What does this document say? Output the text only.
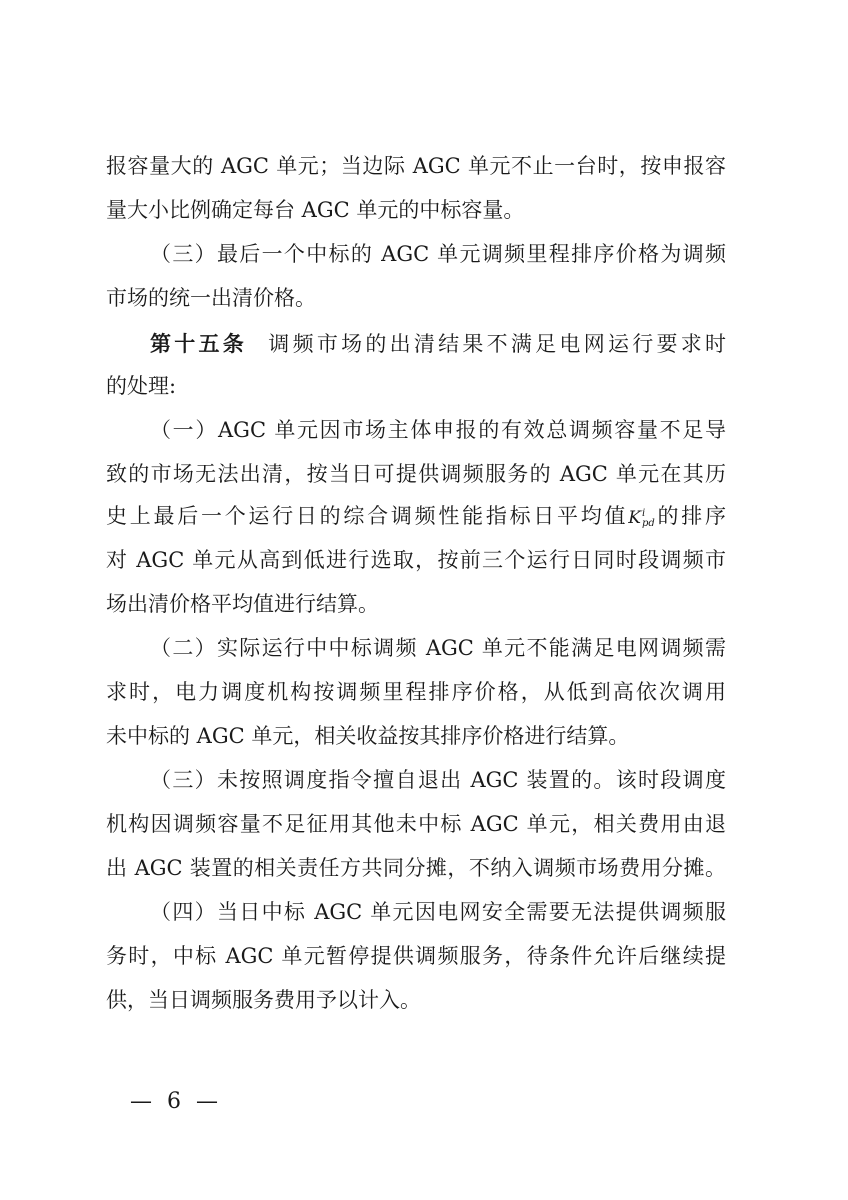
报容量大的 AGC 单元；当边际 AGC 单元不止一台时，按申报容
量大小比例确定每台 AGC 单元的中标容量。
（三）最后一个中标的 AGC 单元调频里程排序价格为调频
市场的统一出清价格。
第十五条 调频市场的出清结果不满足电网运行要求时
的处理:
（一）AGC 单元因市场主体申报的有效总调频容量不足导
致的市场无法出清，按当日可提供调频服务的 AGC 单元在其历
史上最后一个运行日的综合调频性能指标日平均值K i
pd 的排序
对 AGC 单元从高到低进行选取，按前三个运行日同时段调频市
场出清价格平均值进行结算。
（二）实际运行中中标调频 AGC 单元不能满足电网调频需
求时，电力调度机构按调频里程排序价格，从低到高依次调用
未中标的 AGC 单元，相关收益按其排序价格进行结算。
（三）未按照调度指令擅自退出 AGC 装置的。该时段调度
机构因调频容量不足征用其他未中标 AGC 单元，相关费用由退
出 AGC 装置的相关责任方共同分摊，不纳入调频市场费用分摊。
（四）当日中标 AGC 单元因电网安全需要无法提供调频服
务时，中标 AGC 单元暂停提供调频服务，待条件允许后继续提
供，当日调频服务费用予以计入。
— 6 —
